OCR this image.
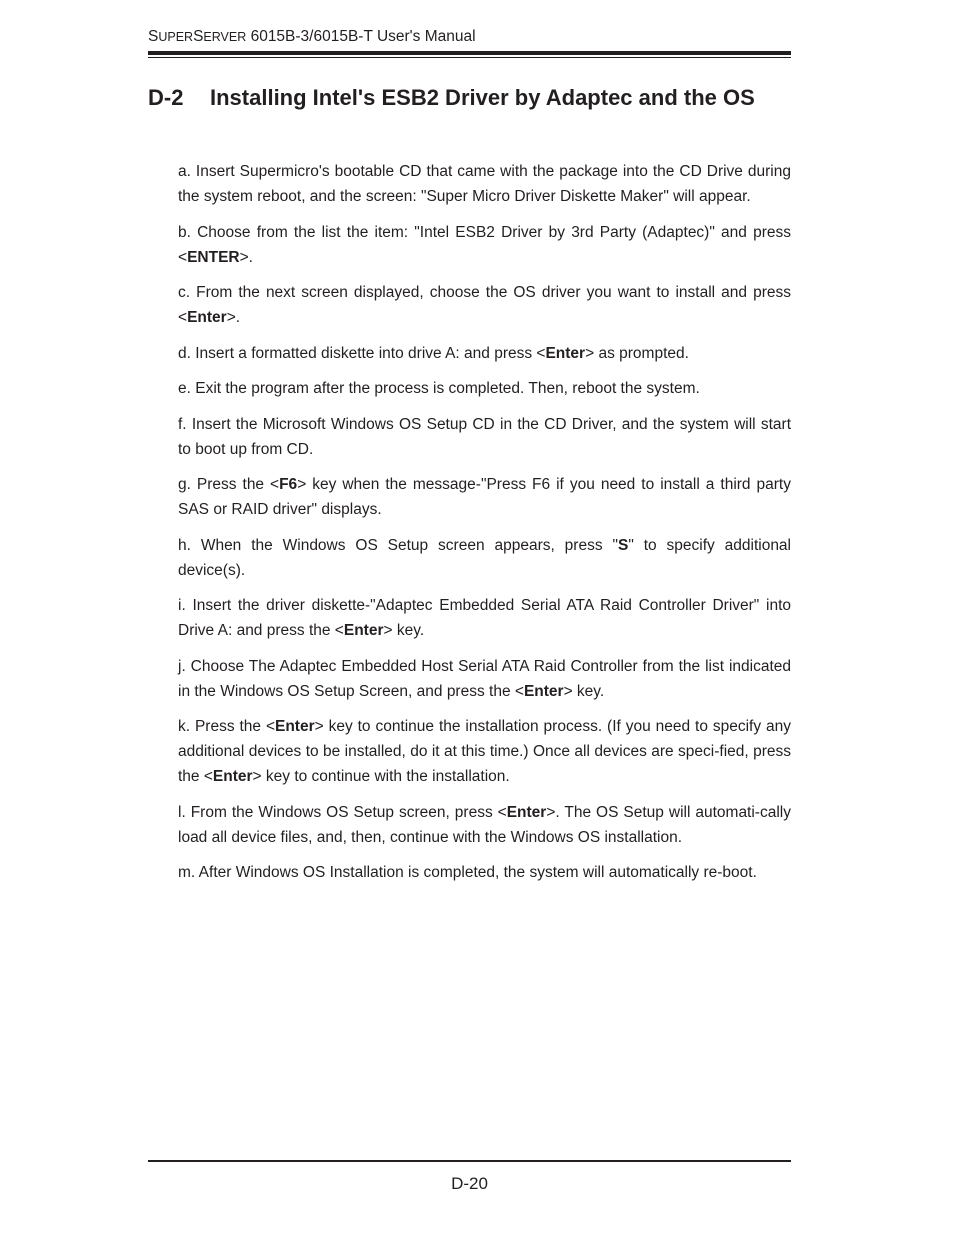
SUPERSERVER 6015B-3/6015B-T User's Manual
D-2 Installing Intel's ESB2 Driver by Adaptec and the OS
a. Insert Supermicro's bootable CD that came with the package into the CD Drive during the system reboot, and the screen: "Super Micro Driver Diskette Maker" will appear.
b. Choose from the list the item: "Intel ESB2 Driver by 3rd Party (Adaptec)" and press <ENTER>.
c. From the next screen displayed, choose the OS driver you want to install and press <Enter>.
d. Insert a formatted diskette into drive A: and press <Enter> as prompted.
e. Exit the program after the process is completed. Then, reboot the system.
f. Insert the Microsoft Windows OS Setup CD in the CD Driver, and the system will start to boot up from CD.
g. Press the <F6> key when the message-"Press F6 if you need to install a third party SAS or RAID driver" displays.
h. When the Windows OS Setup screen appears, press "S" to specify additional device(s).
i. Insert the driver diskette-"Adaptec Embedded Serial ATA Raid Controller Driver" into Drive A: and press the <Enter> key.
j. Choose The Adaptec Embedded Host Serial ATA Raid Controller from the list indicated in the Windows OS Setup Screen, and press the <Enter> key.
k. Press the <Enter> key to continue the installation process. (If you need to specify any additional devices to be installed, do it at this time.) Once all devices are speci-fied, press the <Enter> key to continue with the installation.
l. From the Windows OS Setup screen, press <Enter>. The OS Setup will automati-cally load all device files, and, then, continue with the Windows OS installation.
m. After Windows OS Installation is completed, the system will automatically re-boot.
D-20
